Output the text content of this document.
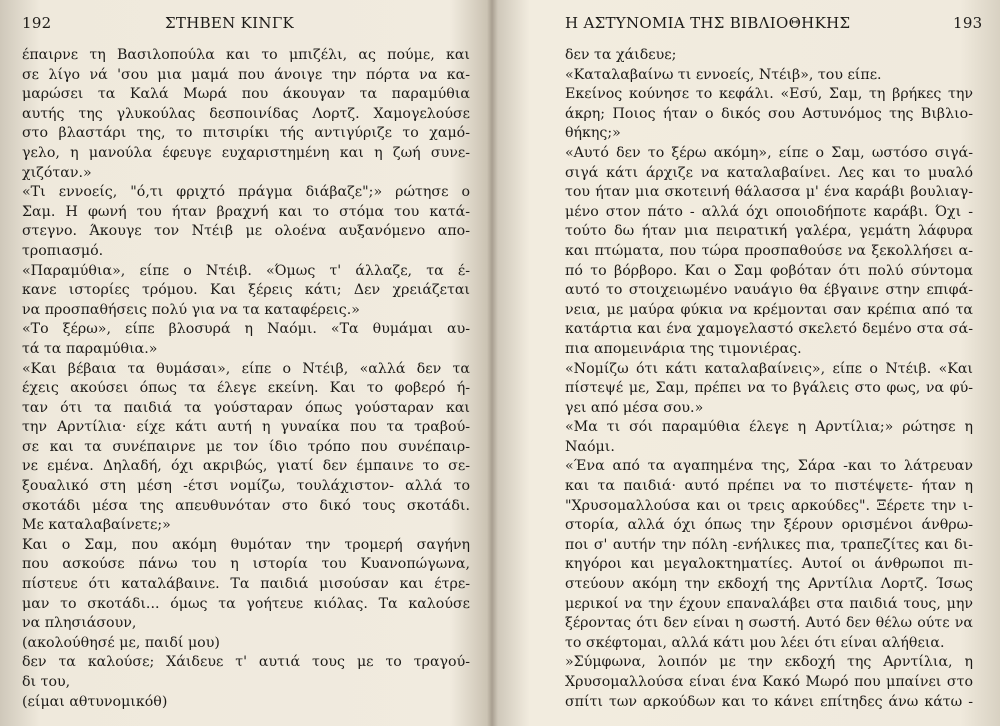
192	ΣΤΗΒΕΝ ΚΙΝΓΚ
έπαιρνε τη Βασιλοπούλα και το μπιζέλι, ας πούμε, και
σε λίγο νά 'σου μια μαμά που άνοιγε την πόρτα να κα-
μαρώσει τα Καλά Μωρά που άκουγαν τα παραμύθια
αυτής της γλυκούλας δεσποινίδας Λορτζ. Χαμογελούσε
στο βλαστάρι της, το πιτσιρίκι τής αντιγύριζε το χαμό-
γελο, η μανούλα έφευγε ευχαριστημένη και η ζωή συνε-
χιζόταν.»
«Τι εννοείς, "ό,τι φριχτό πράγμα διάβαζε";» ρώτησε ο
Σαμ. Η φωνή του ήταν βραχνή και το στόμα του κατά-
στεγνο. Άκουγε τον Ντέιβ με ολοένα αυξανόμενο απο-
τροπιασμό.
«Παραμύθια», είπε ο Ντέιβ. «Όμως τ' άλλαζε, τα έ-
κανε ιστορίες τρόμου. Και ξέρεις κάτι; Δεν χρειάζεται
να προσπαθήσεις πολύ για να τα καταφέρεις.»
«Το ξέρω», είπε βλοσυρά η Ναόμι. «Τα θυμάμαι αυ-
τά τα παραμύθια.»
«Και βέβαια τα θυμάσαι», είπε ο Ντέιβ, «αλλά δεν τα
έχεις ακούσει όπως τα έλεγε εκείνη. Και το φοβερό ή-
ταν ότι τα παιδιά τα γούσταραν όπως γούσταραν και
την Αρντίλια· είχε κάτι αυτή η γυναίκα που τα τραβού-
σε και τα συνέπαιρνε με τον ίδιο τρόπο που συνέπαιρ-
νε εμένα. Δηλαδή, όχι ακριβώς, γιατί δεν έμπαινε το σε-
ξουαλικό στη μέση -έτσι νομίζω, τουλάχιστον- αλλά το
σκοτάδι μέσα της απευθυνόταν στο δικό τους σκοτάδι.
Με καταλαβαίνετε;»
Και ο Σαμ, που ακόμη θυμόταν την τρομερή σαγήνη
που ασκούσε πάνω του η ιστορία του Κυανοπώγωνα,
πίστευε ότι καταλάβαινε. Τα παιδιά μισούσαν και έτρε-
μαν το σκοτάδι... όμως τα γοήτευε κιόλας. Τα καλούσε
να πλησιάσουν,
(ακολούθησέ με, παιδί μου)
δεν τα καλούσε; Χάιδευε τ' αυτιά τους με το τραγού-
δι του,
(είμαι αθτυνομικόθ)
Η ΑΣΤΥΝΟΜΙΑ ΤΗΣ ΒΙΒΛΙΟΘΗΚΗΣ	193
δεν τα χάιδευε;
«Καταλαβαίνω τι εννοείς, Ντέιβ», του είπε.
Εκείνος κούνησε το κεφάλι. «Εσύ, Σαμ, τη βρήκες την
άκρη; Ποιος ήταν ο δικός σου Αστυνόμος της Βιβλιο-
θήκης;»
«Αυτό δεν το ξέρω ακόμη», είπε ο Σαμ, ωστόσο σιγά-
σιγά κάτι άρχιζε να καταλαβαίνει. Λες και το μυαλό
του ήταν μια σκοτεινή θάλασσα μ' ένα καράβι βουλιαγ-
μένο στον πάτο - αλλά όχι οποιοδήποτε καράβι. Όχι -
τούτο δω ήταν μια πειρατική γαλέρα, γεμάτη λάφυρα
και πτώματα, που τώρα προσπαθούσε να ξεκολλήσει α-
πό το βόρβορο. Και ο Σαμ φοβόταν ότι πολύ σύντομα
αυτό το στοιχειωμένο ναυάγιο θα έβγαινε στην επιφά-
νεια, με μαύρα φύκια να κρέμονται σαν κρέπια από τα
κατάρτια και ένα χαμογελαστό σκελετό δεμένο στα σά-
πια απομεινάρια της τιμονιέρας.
«Νομίζω ότι κάτι καταλαβαίνεις», είπε ο Ντέιβ. «Και
πίστεψέ με, Σαμ, πρέπει να το βγάλεις στο φως, να φύ-
γει από μέσα σου.»
«Μα τι σόι παραμύθια έλεγε η Αρντίλια;» ρώτησε η
Ναόμι.
«Ένα από τα αγαπημένα της, Σάρα -και το λάτρευαν
και τα παιδιά· αυτό πρέπει να το πιστέψετε- ήταν η
"Χρυσομαλλούσα και οι τρεις αρκούδες". Ξέρετε την ι-
στορία, αλλά όχι όπως την ξέρουν ορισμένοι άνθρω-
ποι σ' αυτήν την πόλη -ενήλικες πια, τραπεζίτες και δι-
κηγόροι και μεγαλοκτηματίες. Αυτοί οι άνθρωποι πι-
στεύουν ακόμη την εκδοχή της Αρντίλια Λορτζ. Ίσως
μερικοί να την έχουν επαναλάβει στα παιδιά τους, μην
ξέροντας ότι δεν είναι η σωστή. Αυτό δεν θέλω ούτε να
το σκέφτομαι, αλλά κάτι μου λέει ότι είναι αλήθεια.
»Σύμφωνα, λοιπόν με την εκδοχή της Αρντίλια, η
Χρυσομαλλούσα είναι ένα Κακό Μωρό που μπαίνει στο
σπίτι των αρκούδων και το κάνει επίτηδες άνω κάτω -
